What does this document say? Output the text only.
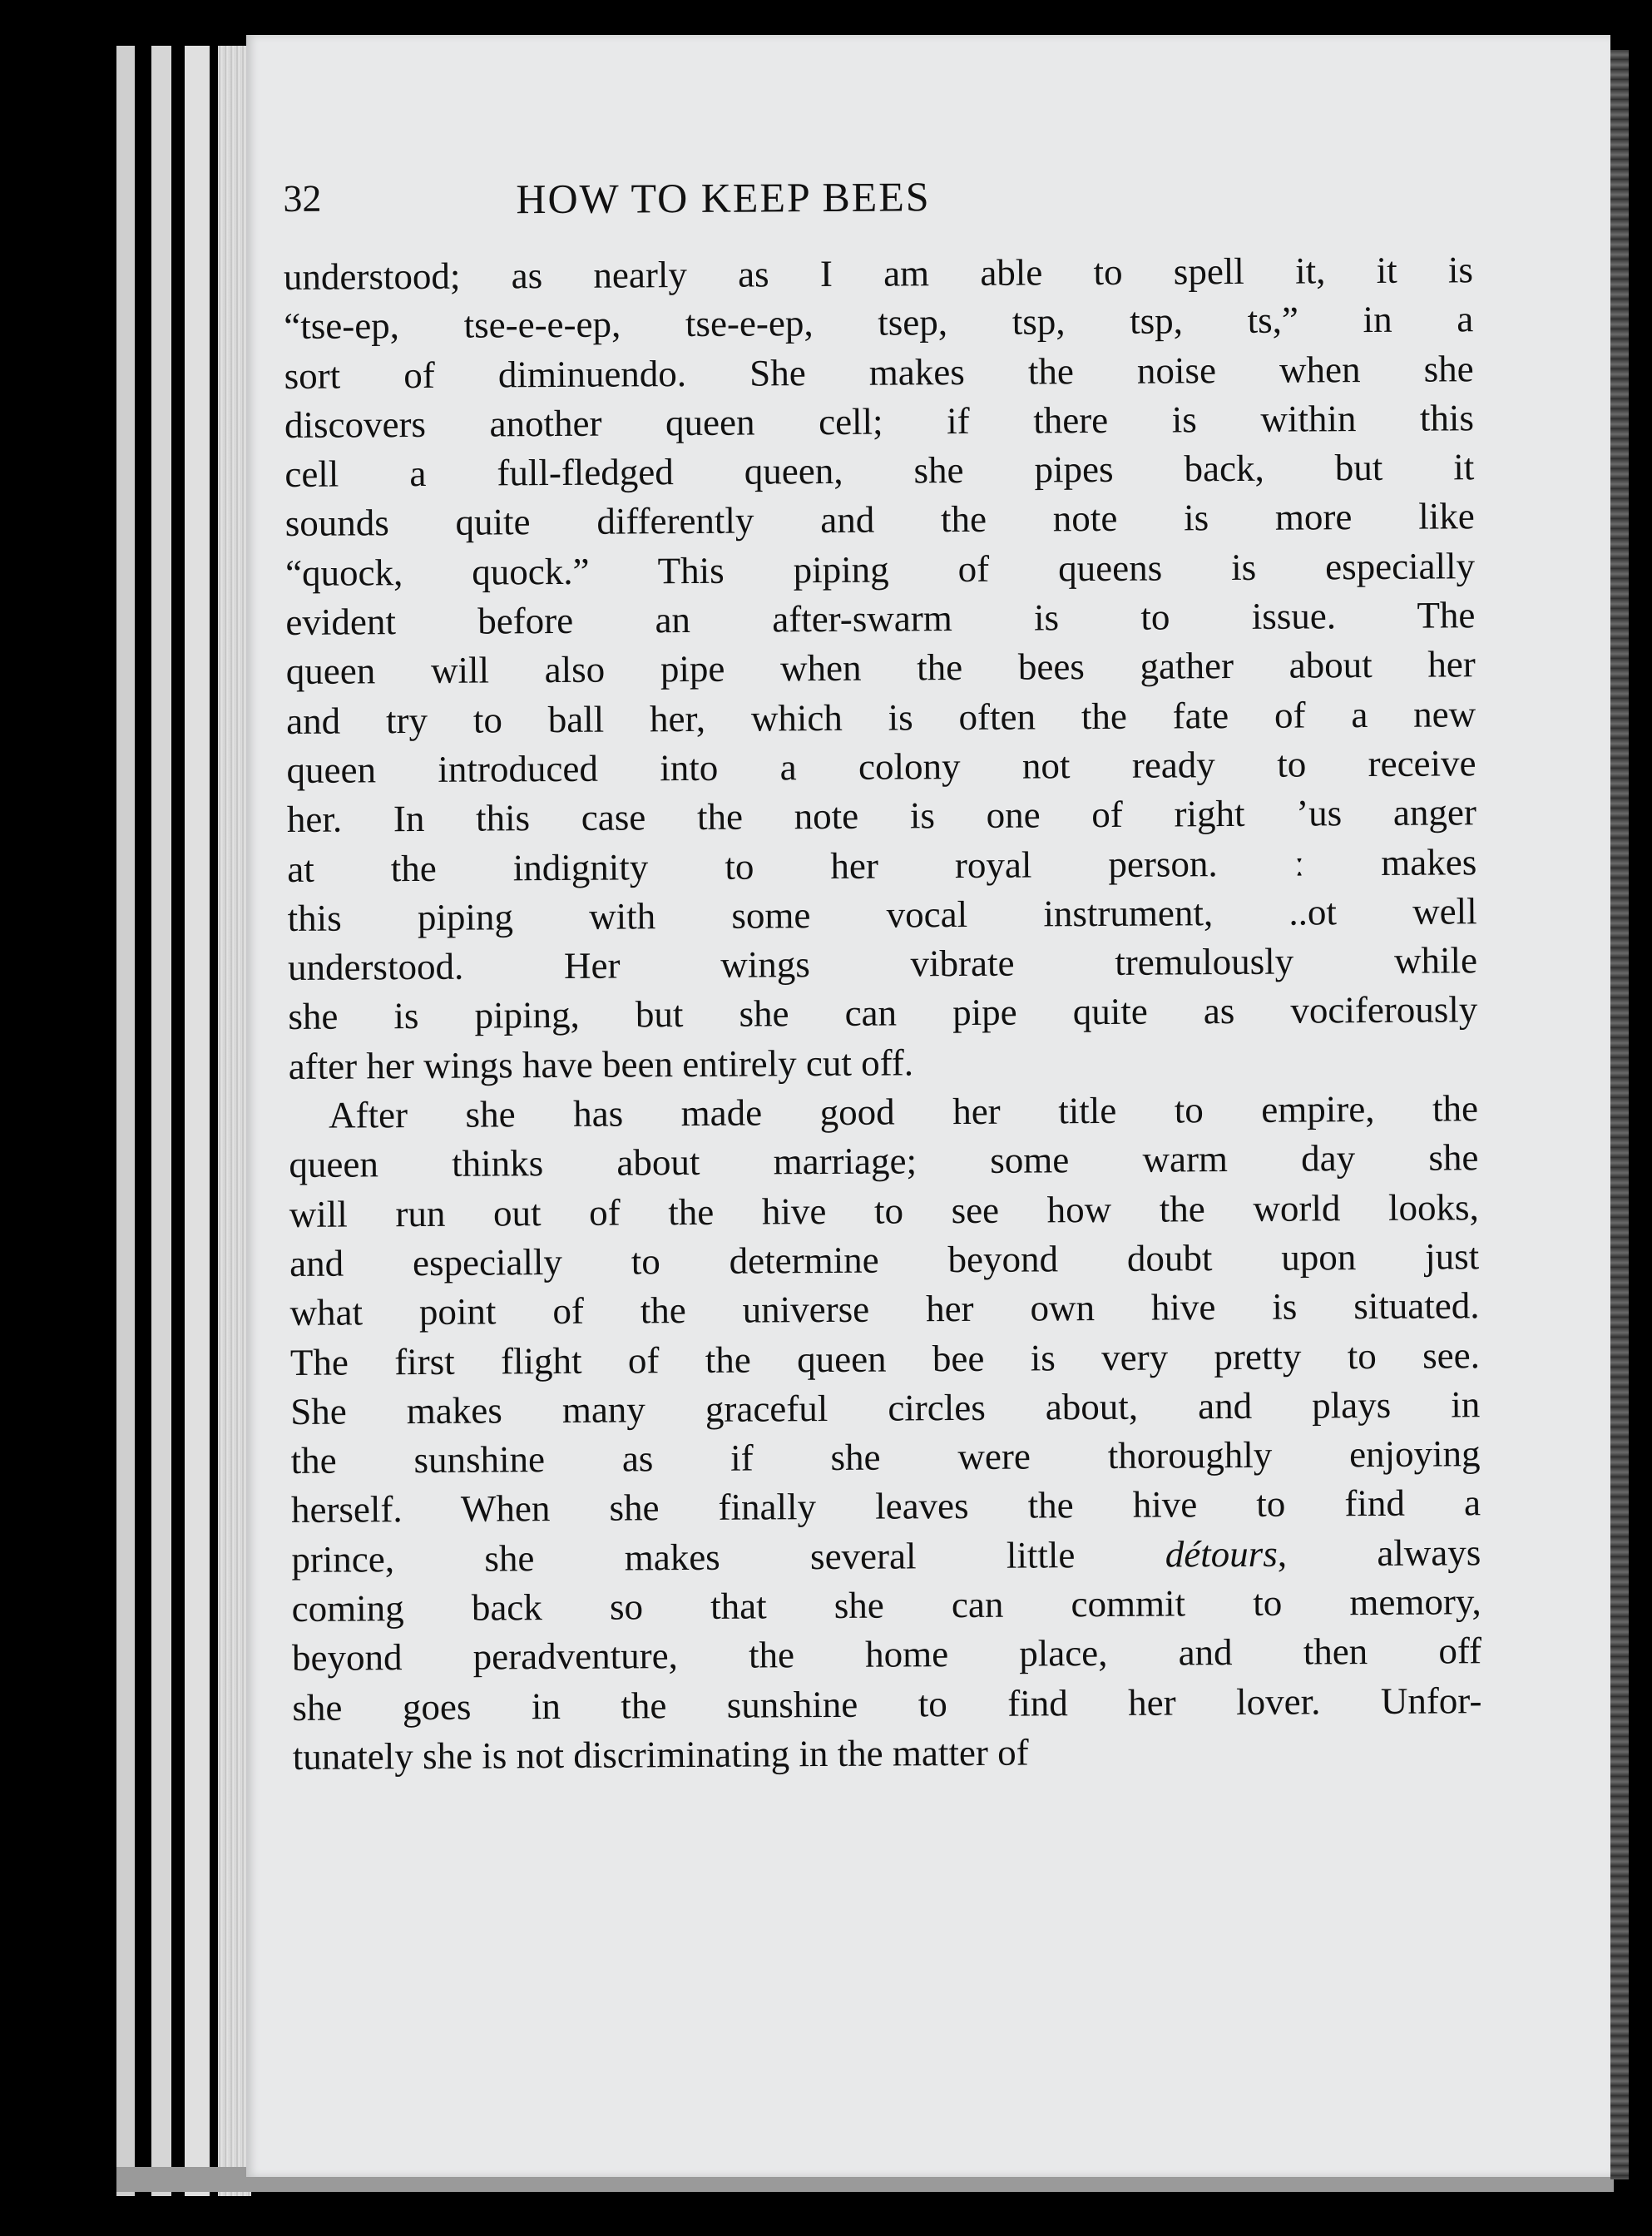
32	HOW TO KEEP BEES
understood; as nearly as I am able to spell it, it is
“tse-ep, tse-e-e-ep, tse-e-ep, tsep, tsp, tsp, ts,” in a
sort of diminuendo. She makes the noise when she
discovers another queen cell; if there is within this
cell a full-fledged queen, she pipes back, but it
sounds quite differently and the note is more like
“quock, quock.” This piping of queens is especially
evident before an after-swarm is to issue. The
queen will also pipe when the bees gather about her
and try to ball her, which is often the fate of a new
queen introduced into a colony not ready to receive
her. In this case the note is one of right ’us anger
at the indignity to her royal person. ː makes
this piping with some vocal instrument, ..ot well
understood. Her wings vibrate tremulously while
she is piping, but she can pipe quite as vociferously
after her wings have been entirely cut off.
After she has made good her title to empire, the
queen thinks about marriage; some warm day she
will run out of the hive to see how the world looks,
and especially to determine beyond doubt upon just
what point of the universe her own hive is situated.
The first flight of the queen bee is very pretty to see.
She makes many graceful circles about, and plays in
the sunshine as if she were thoroughly enjoying
herself. When she finally leaves the hive to find a
prince, she makes several little détours, always
coming back so that she can commit to memory,
beyond peradventure, the home place, and then off
she goes in the sunshine to find her lover. Unfor-
tunately she is not discriminating in the matter of
